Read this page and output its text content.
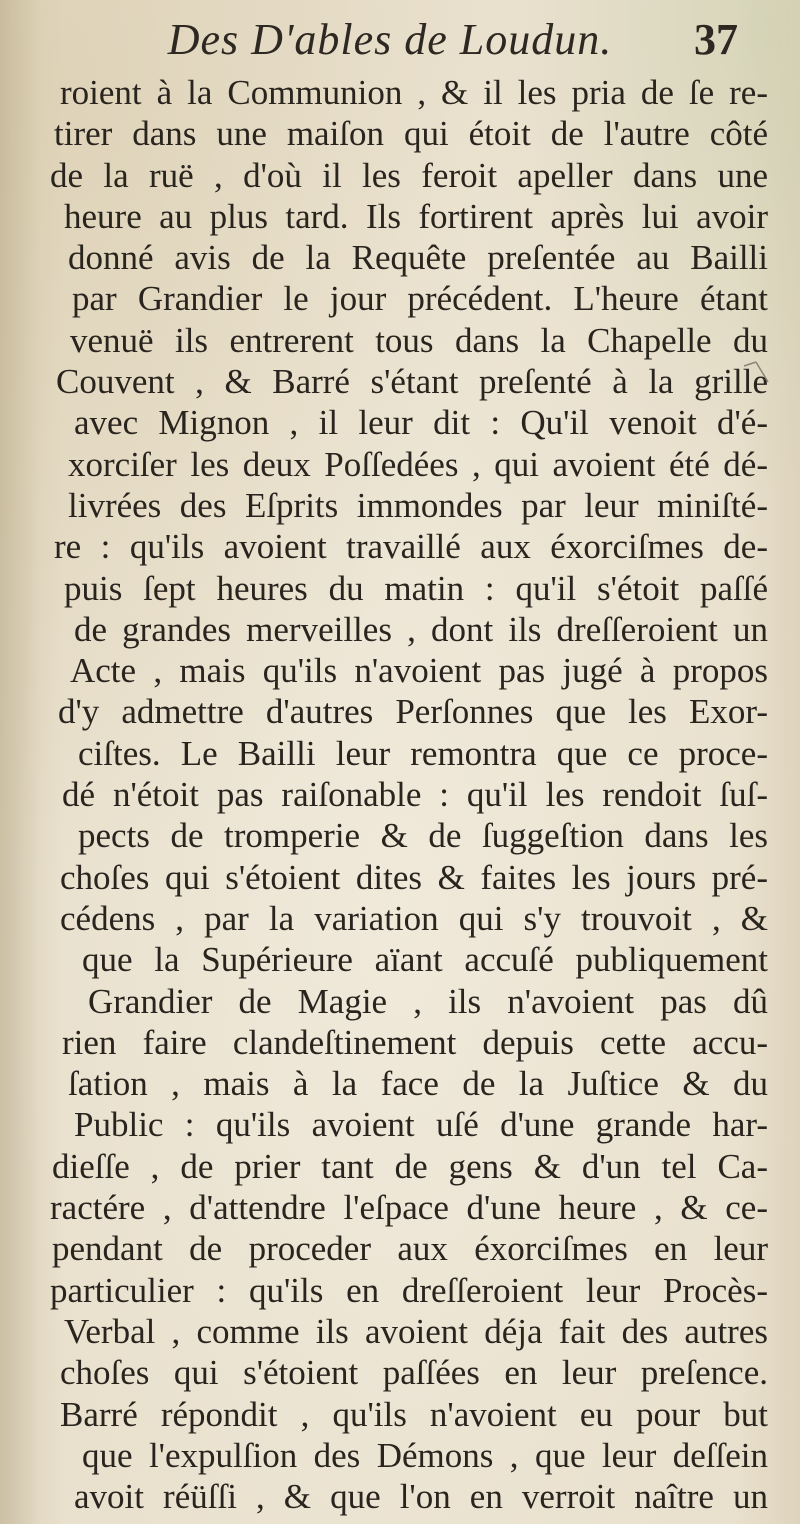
Des D'ables de Loudun.	37
roient à la Communion , & il les pria de ſe re-
tirer dans une maiſon qui étoit de l'autre côté
de la ruë , d'où il les feroit apeller dans une
heure au plus tard. Ils fortirent après lui avoir
donné avis de la Requête preſentée au Bailli
par Grandier le jour précédent. L'heure étant
venuë ils entrerent tous dans la Chapelle du
Couvent , & Barré s'étant preſenté à la grille
avec Mignon , il leur dit : Qu'il venoit d'é-
xorciſer les deux Poſſedées , qui avoient été dé-
livrées des Eſprits immondes par leur miniſté-
re : qu'ils avoient travaillé aux éxorciſmes de-
puis ſept heures du matin : qu'il s'étoit paſſé
de grandes merveilles , dont ils dreſſeroient un
Acte , mais qu'ils n'avoient pas jugé à propos
d'y admettre d'autres Perſonnes que les Exor-
ciſtes. Le Bailli leur remontra que ce proce-
dé n'étoit pas raiſonable : qu'il les rendoit ſuſ-
pects de tromperie & de ſuggeſtion dans les
choſes qui s'étoient dites & faites les jours pré-
cédens , par la variation qui s'y trouvoit , &
que la Supérieure aïant accuſé publiquement
Grandier de Magie , ils n'avoient pas dû
rien faire clandeſtinement depuis cette accu-
ſation , mais à la face de la Juſtice & du
Public : qu'ils avoient uſé d'une grande har-
dieſſe , de prier tant de gens & d'un tel Ca-
ractére , d'attendre l'eſpace d'une heure , & ce-
pendant de proceder aux éxorciſmes en leur
particulier : qu'ils en dreſſeroient leur Procès-
Verbal , comme ils avoient déja fait des autres
choſes qui s'étoient paſſées en leur preſence.
Barré répondit , qu'ils n'avoient eu pour but
que l'expulſion des Démons , que leur deſſein
avoit réüſſi , & que l'on en verroit naître un
